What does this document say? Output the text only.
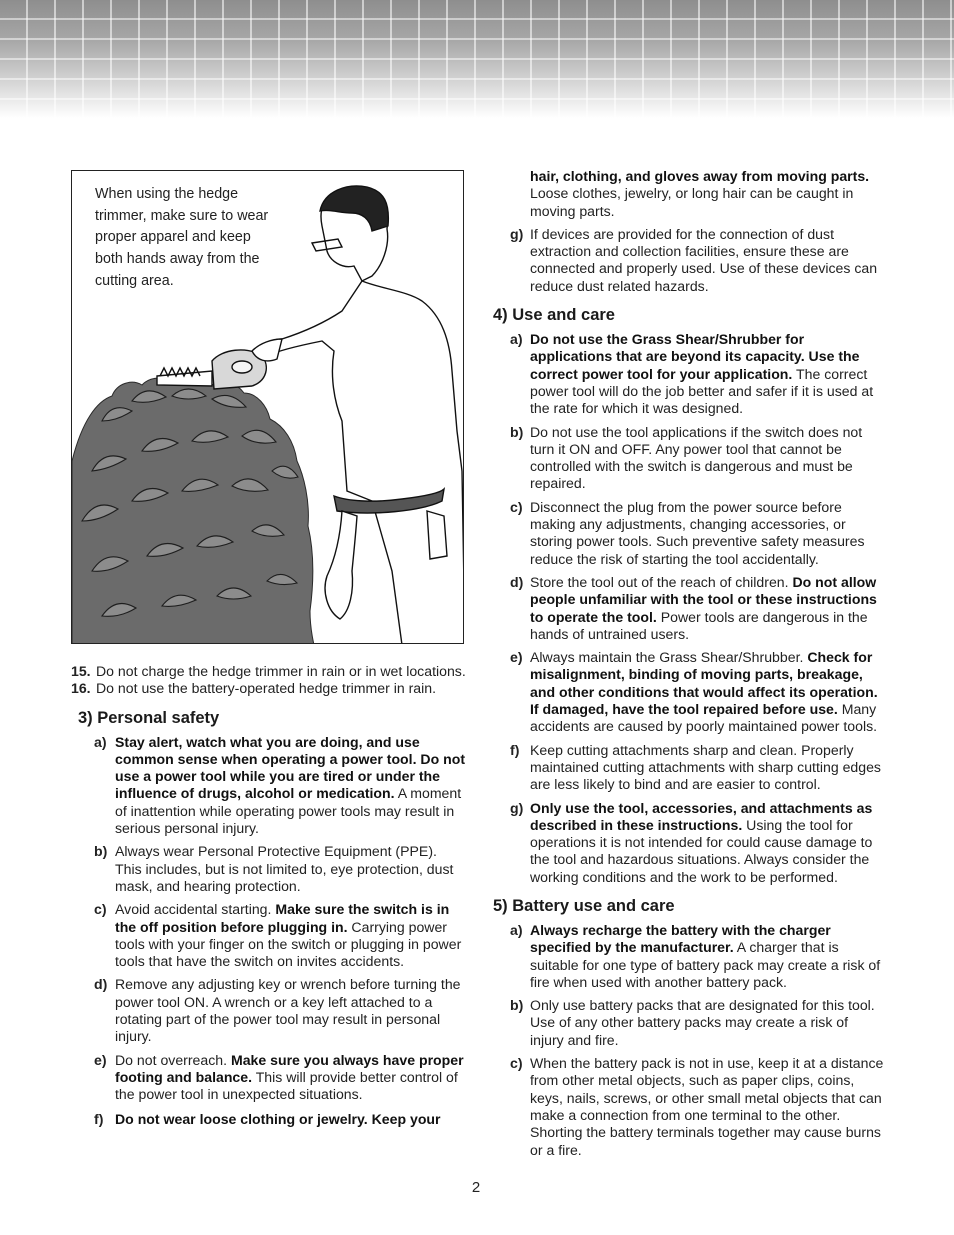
When using the hedge trimmer, make sure to wear proper apparel and keep both hands away from the cutting area.
15. Do not charge the hedge trimmer in rain or in wet locations.
16. Do not use the battery-operated hedge trimmer in rain.
3) Personal safety
a) Stay alert, watch what you are doing, and use common sense when operating a power tool. Do not use a power tool while you are tired or under the influence of drugs, alcohol or medication. A moment of inattention while operating power tools may result in serious personal injury.
b) Always wear Personal Protective Equipment (PPE). This includes, but is not limited to, eye protection, dust mask, and hearing protection.
c) Avoid accidental starting. Make sure the switch is in the off position before plugging in. Carrying power tools with your finger on the switch or plugging in power tools that have the switch on invites accidents.
d) Remove any adjusting key or wrench before turning the power tool ON. A wrench or a key left attached to a rotating part of the power tool may result in personal injury.
e) Do not overreach. Make sure you always have proper footing and balance. This will provide better control of the power tool in unexpected situations.
f) Do not wear loose clothing or jewelry. Keep your
hair, clothing, and gloves away from moving parts. Loose clothes, jewelry, or long hair can be caught in moving parts.
g) If devices are provided for the connection of dust extraction and collection facilities, ensure these are connected and properly used. Use of these devices can reduce dust related hazards.
4) Use and care
a) Do not use the Grass Shear/Shrubber for applications that are beyond its capacity. Use the correct power tool for your application. The correct power tool will do the job better and safer if it is used at the rate for which it was designed.
b) Do not use the tool applications if the switch does not turn it ON and OFF. Any power tool that cannot be controlled with the switch is dangerous and must be repaired.
c) Disconnect the plug from the power source before making any adjustments, changing accessories, or storing power tools. Such preventive safety measures reduce the risk of starting the tool accidentally.
d) Store the tool out of the reach of children. Do not allow people unfamiliar with the tool or these instructions to operate the tool. Power tools are dangerous in the hands of untrained users.
e) Always maintain the Grass Shear/Shrubber. Check for misalignment, binding of moving parts, breakage, and other conditions that would affect its operation. If damaged, have the tool repaired before use. Many accidents are caused by poorly maintained power tools.
f) Keep cutting attachments sharp and clean. Properly maintained cutting attachments with sharp cutting edges are less likely to bind and are easier to control.
g) Only use the tool, accessories, and attachments as described in these instructions. Using the tool for operations it is not intended for could cause damage to the tool and hazardous situations. Always consider the working conditions and the work to be performed.
5) Battery use and care
a) Always recharge the battery with the charger specified by the manufacturer. A charger that is suitable for one type of battery pack may create a risk of fire when used with another battery pack.
b) Only use battery packs that are designated for this tool. Use of any other battery packs may create a risk of injury and fire.
c) When the battery pack is not in use, keep it at a distance from other metal objects, such as paper clips, coins, keys, nails, screws, or other small metal objects that can make a connection from one terminal to the other. Shorting the battery terminals together may cause burns or a fire.
2
